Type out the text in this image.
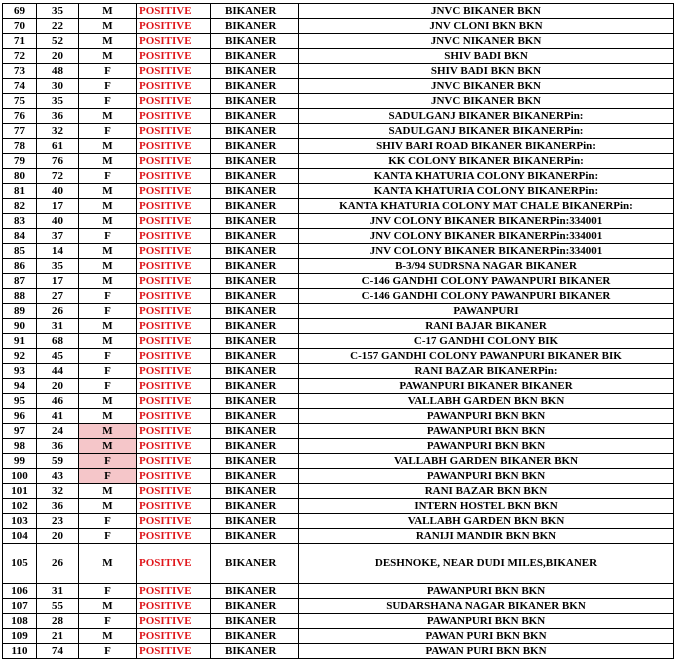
69	35	M	POSITIVE	BIKANER	JNVC BIKANER BKN
70	22	M	POSITIVE	BIKANER	JNV CLONI BKN BKN
71	52	M	POSITIVE	BIKANER	JNVC NIKANER BKN
72	20	M	POSITIVE	BIKANER	SHIV BADI BKN
73	48	F	POSITIVE	BIKANER	SHIV BADI BKN BKN
74	30	F	POSITIVE	BIKANER	JNVC BIKANER BKN
75	35	F	POSITIVE	BIKANER	JNVC BIKANER BKN
76	36	M	POSITIVE	BIKANER	SADULGANJ BIKANER BIKANERPin:
77	32	F	POSITIVE	BIKANER	SADULGANJ BIKANER BIKANERPin:
78	61	M	POSITIVE	BIKANER	SHIV BARI ROAD BIKANER BIKANERPin:
79	76	M	POSITIVE	BIKANER	KK COLONY BIKANER BIKANERPin:
80	72	F	POSITIVE	BIKANER	KANTA KHATURIA COLONY BIKANERPin:
81	40	M	POSITIVE	BIKANER	KANTA KHATURIA COLONY BIKANERPin:
82	17	M	POSITIVE	BIKANER	KANTA KHATURIA COLONY MAT CHALE BIKANERPin:
83	40	M	POSITIVE	BIKANER	JNV COLONY BIKANER BIKANERPin:334001
84	37	F	POSITIVE	BIKANER	JNV COLONY BIKANER BIKANERPin:334001
85	14	M	POSITIVE	BIKANER	JNV COLONY BIKANER BIKANERPin:334001
86	35	M	POSITIVE	BIKANER	B-3/94 SUDRSNA NAGAR BIKANER
87	17	M	POSITIVE	BIKANER	C-146 GANDHI COLONY PAWANPURI BIKANER
88	27	F	POSITIVE	BIKANER	C-146 GANDHI COLONY PAWANPURI BIKANER
89	26	F	POSITIVE	BIKANER	PAWANPURI
90	31	M	POSITIVE	BIKANER	RANI BAJAR BIKANER
91	68	M	POSITIVE	BIKANER	C-17 GANDHI COLONY BIK
92	45	F	POSITIVE	BIKANER	C-157 GANDHI COLONY PAWANPURI BIKANER BIK
93	44	F	POSITIVE	BIKANER	RANI BAZAR BIKANERPin:
94	20	F	POSITIVE	BIKANER	PAWANPURI BIKANER BIKANER
95	46	M	POSITIVE	BIKANER	VALLABH GARDEN BKN BKN
96	41	M	POSITIVE	BIKANER	PAWANPURI BKN BKN
97	24	M	POSITIVE	BIKANER	PAWANPURI BKN BKN
98	36	M	POSITIVE	BIKANER	PAWANPURI BKN BKN
99	59	F	POSITIVE	BIKANER	VALLABH GARDEN BIKANER BKN
100	43	F	POSITIVE	BIKANER	PAWANPURI BKN BKN
101	32	M	POSITIVE	BIKANER	RANI BAZAR BKN BKN
102	36	M	POSITIVE	BIKANER	INTERN HOSTEL BKN BKN
103	23	F	POSITIVE	BIKANER	VALLABH GARDEN BKN BKN
104	20	F	POSITIVE	BIKANER	RANIJI MANDIR BKN BKN
105	26	M	POSITIVE	BIKANER	DESHNOKE, NEAR DUDI MILES,BIKANER
106	31	F	POSITIVE	BIKANER	PAWANPURI BKN BKN
107	55	M	POSITIVE	BIKANER	SUDARSHANA NAGAR BIKANER BKN
108	28	F	POSITIVE	BIKANER	PAWANPURI BKN BKN
109	21	M	POSITIVE	BIKANER	PAWAN PURI BKN BKN
110	74	F	POSITIVE	BIKANER	PAWAN PURI BKN BKN
